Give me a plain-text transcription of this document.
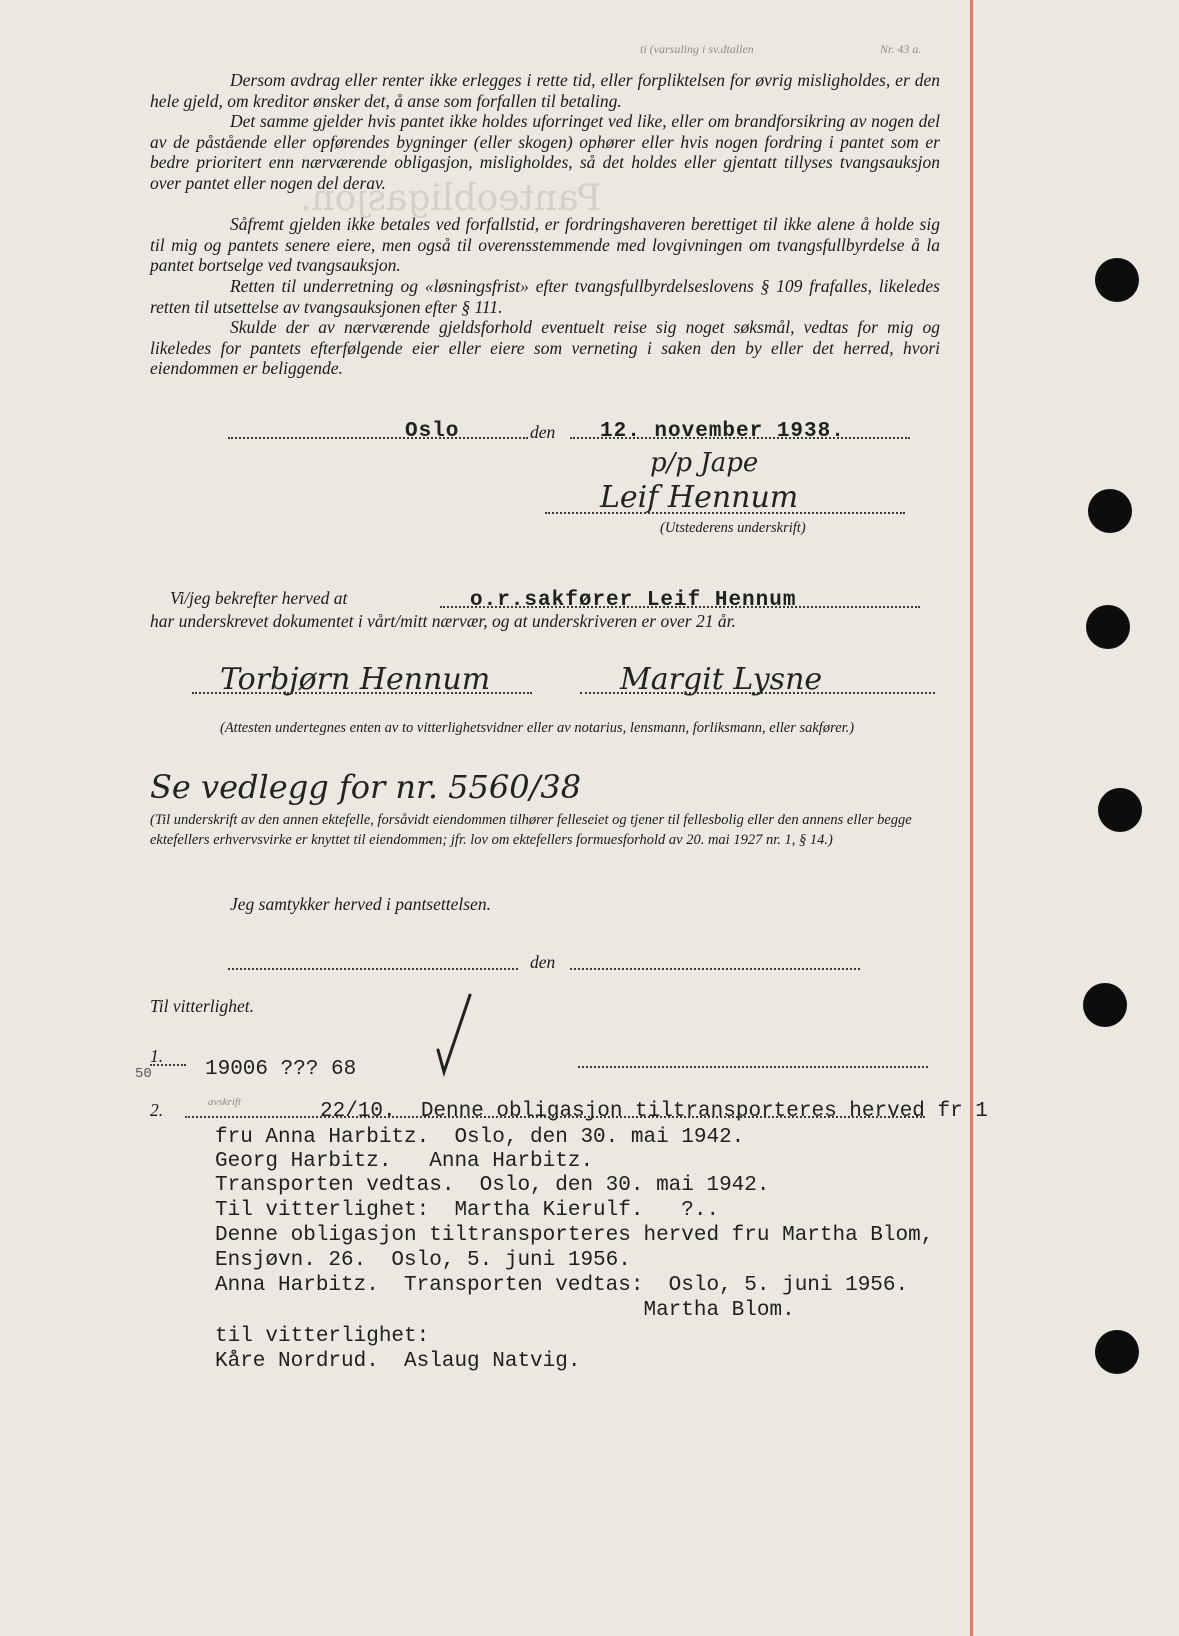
Panteobligasjon.
ti (varsuling i sv.dtallen	Nr. 43 a.

Dersom avdrag eller renter ikke erlegges i rette tid, eller forpliktelsen for øvrig misligholdes, er den hele gjeld, om kreditor ønsker det, å anse som forfallen til betaling.

Det samme gjelder hvis pantet ikke holdes uforringet ved like, eller om brandforsikring av nogen del av de påstående eller opførendes bygninger (eller skogen) ophører eller hvis nogen fordring i pantet som er bedre prioritert enn nærværende obligasjon, misligholdes, så det holdes eller gjentatt tillyses tvangsauksjon over pantet eller nogen del derav.

Såfremt gjelden ikke betales ved forfallstid, er fordringshaveren berettiget til ikke alene å holde sig til mig og pantets senere eiere, men også til overensstemmende med lovgivningen om tvangsfullbyrdelse å la pantet bortselge ved tvangsauksjon.

Retten til underretning og «løsningsfrist» efter tvangsfullbyrdelseslovens § 109 frafalles, likeledes retten til utsettelse av tvangsauksjonen efter § 111.

Skulde der av nærværende gjeldsforhold eventuelt reise sig noget søksmål, vedtas for mig og likeledes for pantets efterfølgende eier eller eiere som verneting i saken den by eller det herred, hvori eiendommen er beliggende.

Oslo	den 12. november 1938.
p/p Jape
Leif Hennum
(Utstederens underskrift)
Vi/jeg bekrefter herved at	o.r.sakfører Leif Hennum
har underskrevet dokumentet i vårt/mitt nærvær, og at underskriveren er over 21 år.
Torbjørn Hennum	Margit Lysne
(Attesten undertegnes enten av to vitterlighetsvidner eller av notarius, lensmann, forliksmann, eller sakfører.)
Se vedlegg for nr. 5560/38
(Til underskrift av den annen ektefelle, forsåvidt eiendommen tilhører felleseiet og tjener til fellesbolig eller den annens eller begge ektefellers erhvervsvirke er knyttet til eiendommen; jfr. lov om ektefellers formuesforhold av 20. mai 1927 nr. 1, § 14.)
Jeg samtykker herved i pantsettelsen.
den
Til vitterlighet.
1.
50	19006 ??? 68
2.	avskrift	22/10.  Denne obligasjon tiltransporteres herved fr 1
fru Anna Harbitz.  Oslo, den 30. mai 1942.
Georg Harbitz.   Anna Harbitz.
Transporten vedtas.  Oslo, den 30. mai 1942.
Til vitterlighet:  Martha Kierulf.   ?..
Denne obligasjon tiltransporteres herved fru Martha Blom,
Ensjøvn. 26.  Oslo, 5. juni 1956.
Anna Harbitz.  Transporten vedtas:  Oslo, 5. juni 1956.
Martha Blom.
til vitterlighet:
Kåre Nordrud.  Aslaug Natvig.
